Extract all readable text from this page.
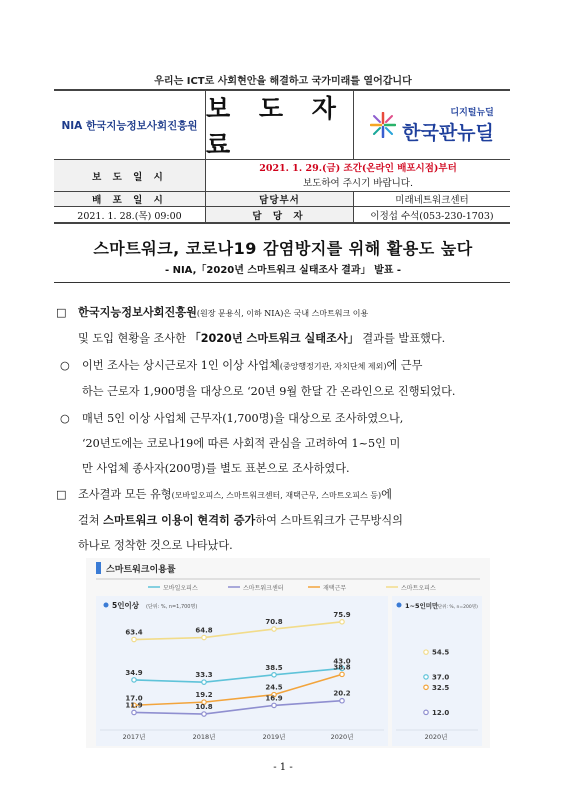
우리는 ICT로 사회현안을 해결하고 국가미래를 열어갑니다
NIA 한국지능정보사회진흥원
보 도 자 료
디지털뉴딜
한국판뉴딜
보 도 일 시
2021. 1. 29.(금) 조간(온라인 배포시점)부터
보도하여 주시기 바랍니다.
배 포 일 시	담당부서	미래네트워크센터
2021. 1. 28.(목) 09:00	담 당 자	이정섭 수석(053-230-1703)
스마트워크, 코로나19 감염방지를 위해 활용도 높다
- NIA,「2020년 스마트워크 실태조사 결과」 발표 -
□ 한국지능정보사회진흥원(원장 문용식, 이하 NIA)은 국내 스마트워크 이용
및 도입 현황을 조사한 「2020년 스마트워크 실태조사」 결과를 발표했다.
○ 이번 조사는 상시근로자 1인 이상 사업체(중앙행정기관, 자치단체 제외)에 근무
하는 근로자 1,900명을 대상으로 ‘20년 9월 한달 간 온라인으로 진행되었다.
○ 매년 5인 이상 사업체 근무자(1,700명)을 대상으로 조사하였으나,
‘20년도에는 코로나19에 따른 사회적 관심을 고려하여 1~5인 미
만 사업체 종사자(200명)를 별도 표본으로 조사하였다.
□ 조사결과 모든 유형(모바일오피스, 스마트워크센터, 재택근무, 스마트오피스 등)에
걸쳐 스마트워크 이용이 현격히 증가하여 스마트워크가 근무방식의
하나로 정착한 것으로 나타났다.
스마트워크이용률
모바일오피스	스마트워크센터	재택근무	스마트오피스
5인이상 (단위: %, n=1,700명)	1~5인미만
(단위: %, n=200명)
2017년	2018년	2019년	2020년	2020년
63.4	64.8
70.8
75.9
34.9	33.3
38.5
43.0
17.0	19.2
24.5
38.8
11.9	10.8
16.9
20.2
54.5
37.0
32.5
12.0
- 1 -
